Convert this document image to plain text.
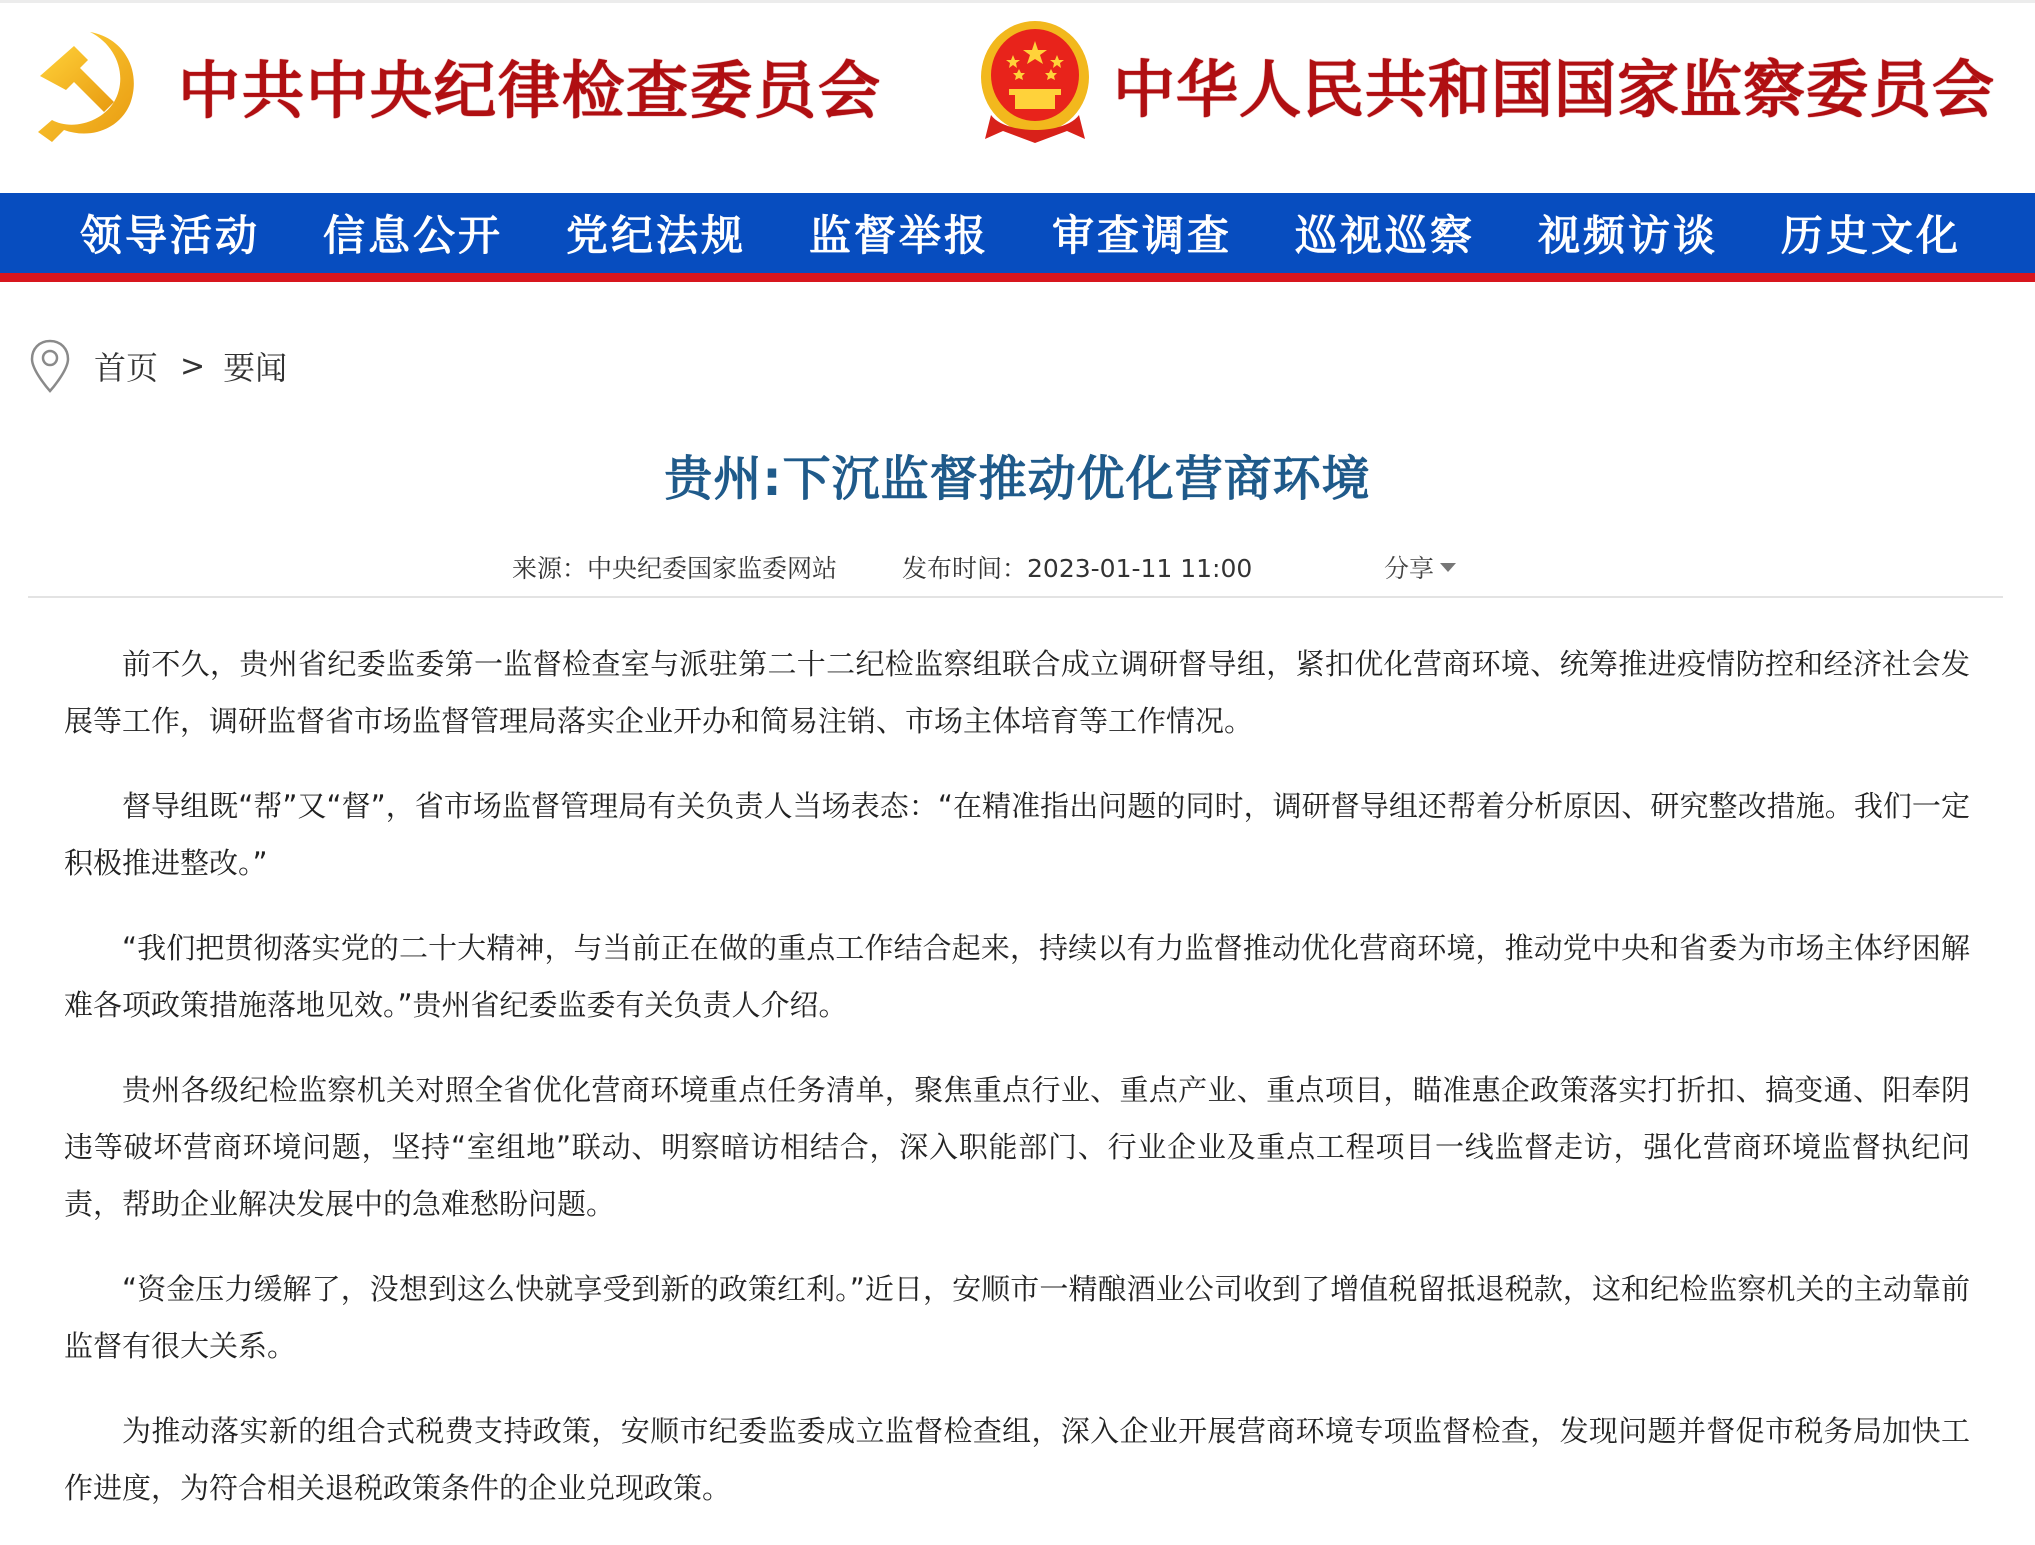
中共中央纪律检查委员会	中华人民共和国国家监察委员会
领导活动	信息公开	党纪法规	监督举报	审查调查	巡视巡察	视频访谈	历史文化
首页 > 要闻
贵州:下沉监督推动优化营商环境
来源：中央纪委国家监委网站	发布时间：2023-01-11 11:00	分享

前不久，贵州省纪委监委第一监督检查室与派驻第二十二纪检监察组联合成立调研督导组，紧扣优化营商环境、统筹推进疫情防控和经济社会发展等工作，调研监督省市场监督管理局落实企业开办和简易注销、市场主体培育等工作情况。

督导组既“帮”又“督”，省市场监督管理局有关负责人当场表态：“在精准指出问题的同时，调研督导组还帮着分析原因、研究整改措施。我们一定积极推进整改。”

“我们把贯彻落实党的二十大精神，与当前正在做的重点工作结合起来，持续以有力监督推动优化营商环境，推动党中央和省委为市场主体纾困解难各项政策措施落地见效。”贵州省纪委监委有关负责人介绍。

贵州各级纪检监察机关对照全省优化营商环境重点任务清单，聚焦重点行业、重点产业、重点项目，瞄准惠企政策落实打折扣、搞变通、阳奉阴违等破坏营商环境问题，坚持“室组地”联动、明察暗访相结合，深入职能部门、行业企业及重点工程项目一线监督走访，强化营商环境监督执纪问责，帮助企业解决发展中的急难愁盼问题。

“资金压力缓解了，没想到这么快就享受到新的政策红利。”近日，安顺市一精酿酒业公司收到了增值税留抵退税款，这和纪检监察机关的主动靠前监督有很大关系。

为推动落实新的组合式税费支持政策，安顺市纪委监委成立监督检查组，深入企业开展营商环境专项监督检查，发现问题并督促市税务局加快工作进度，为符合相关退税政策条件的企业兑现政策。
